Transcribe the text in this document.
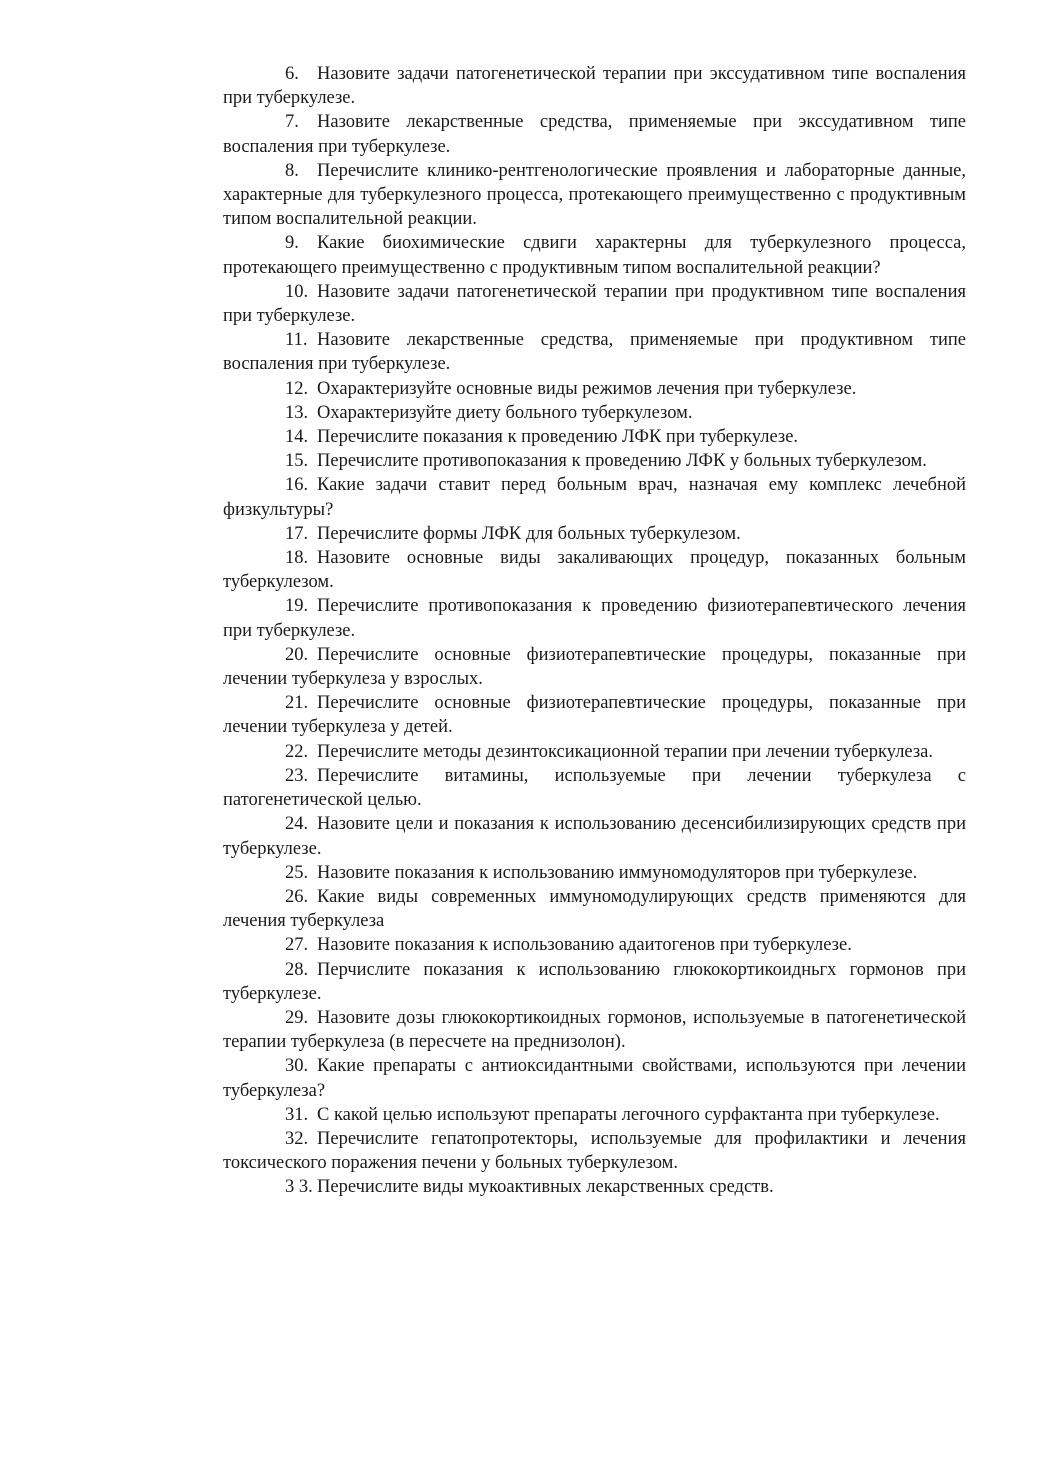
6. Назовите задачи патогенетической терапии при экссудативном типе воспаления при туберкулезе.

7. Назовите лекарственные средства, применяемые при экссудативном типе воспаления при туберкулезе.

8. Перечислите клинико-рентгенологические проявления и лабораторные данные, характерные для туберкулезного процесса, протекающего преимущественно с продуктивным типом воспалительной реакции.

9. Какие биохимические сдвиги характерны для туберкулезного процесса, протекающего преимущественно с продуктивным типом воспалительной реакции?

10. Назовите задачи патогенетической терапии при продуктивном типе воспаления при туберкулезе.

11. Назовите лекарственные средства, применяемые при продуктивном типе воспаления при туберкулезе.

12. Охарактеризуйте основные виды режимов лечения при туберкулезе.

13. Охарактеризуйте диету больного туберкулезом.

14. Перечислите показания к проведению ЛФК при туберкулезе.

15. Перечислите противопоказания к проведению ЛФК у больных туберкулезом.

16. Какие задачи ставит перед больным врач, назначая ему комплекс лечебной физкультуры?

17. Перечислите формы ЛФК для больных туберкулезом.

18. Назовите основные виды закаливающих процедур, показанных больным туберкулезом.

19. Перечислите противопоказания к проведению физиотерапевтического лечения при туберкулезе.

20. Перечислите основные физиотерапевтические процедуры, показанные при лечении туберкулеза у взрослых.

21. Перечислите основные физиотерапевтические процедуры, показанные при лечении туберкулеза у детей.

22. Перечислите методы дезинтоксикационной терапии при лечении туберкулеза.

23. Перечислите витамины, используемые при лечении туберкулеза с патогенетической целью.

24. Назовите цели и показания к использованию десенсибилизирующих средств при туберкулезе.

25. Назовите показания к использованию иммуномодуляторов при туберкулезе.

26. Какие виды современных иммуномодулирующих средств применяются для лечения туберкулеза

27. Назовите показания к использованию адаитогенов при туберкулезе.

28. Перчислите показания к использованию глюкокортикоидньгх гормонов при туберкулезе.

29. Назовите дозы глюкокортикоидных гормонов, используемые в патогенетической терапии туберкулеза (в пересчете на преднизолон).

30. Какие препараты с антиоксидантными свойствами, используются при лечении туберкулеза?

31. С какой целью используют препараты легочного сурфактанта при туберкулезе.

32. Перечислите гепатопротекторы, используемые для профилактики и лечения токсического поражения печени у больных туберкулезом.

3 3. Перечислите виды мукоактивных лекарственных средств.
